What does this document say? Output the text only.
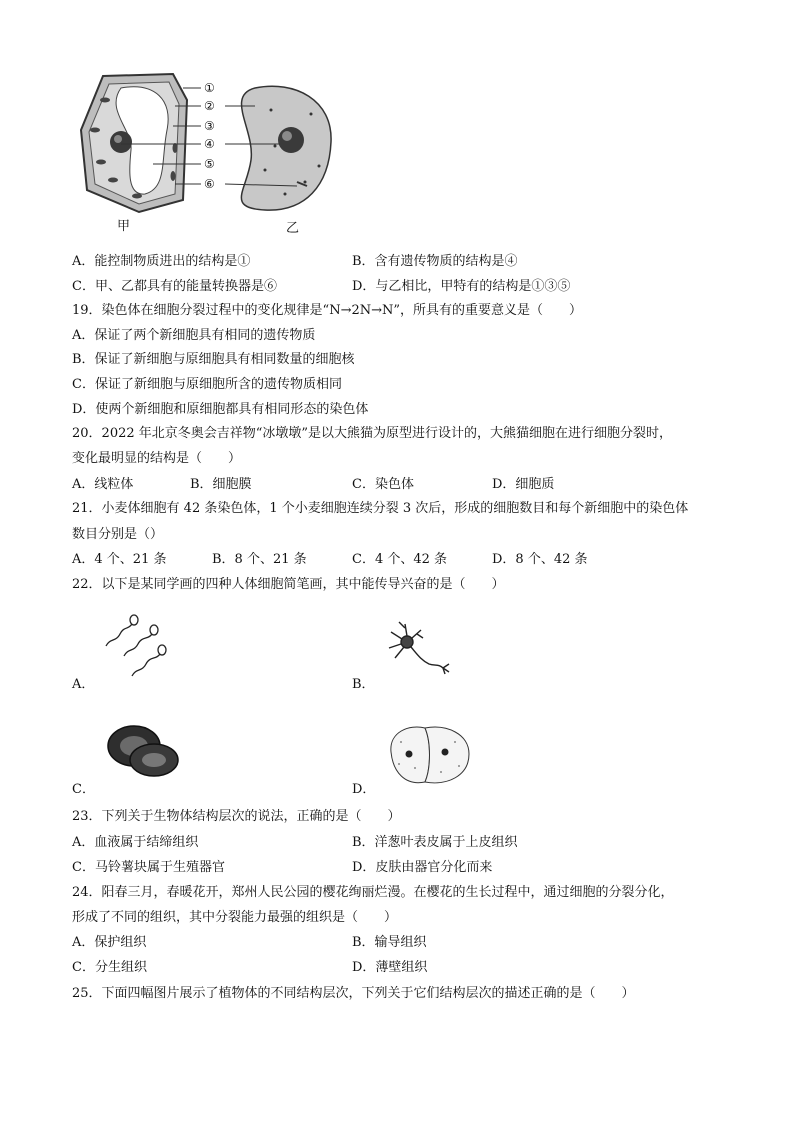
①
②
③
④
⑤
⑥
甲	乙
A．能控制物质进出的结构是①	B．含有遗传物质的结构是④
C．甲、乙都具有的能量转换器是⑥	D．与乙相比，甲特有的结构是①③⑤
19．染色体在细胞分裂过程中的变化规律是“N→2N→N”，所具有的重要意义是（　　）
A．保证了两个新细胞具有相同的遗传物质
B．保证了新细胞与原细胞具有相同数量的细胞核
C．保证了新细胞与原细胞所含的遗传物质相同
D．使两个新细胞和原细胞都具有相同形态的染色体
20．2022 年北京冬奥会吉祥物“冰墩墩”是以大熊猫为原型进行设计的，大熊猫细胞在进行细胞分裂时，
变化最明显的结构是（　　）
A．线粒体	B．细胞膜	C．染色体	D．细胞质
21．小麦体细胞有 42 条染色体，1 个小麦细胞连续分裂 3 次后，形成的细胞数目和每个新细胞中的染色体
数目分别是（）
A．4 个、21 条	B．8 个、21 条	C．4 个、42 条	D．8 个、42 条
22．以下是某同学画的四种人体细胞简笔画，其中能传导兴奋的是（　　）
A．	B．
C．	D．
23．下列关于生物体结构层次的说法，正确的是（　　）
A．血液属于结缔组织	B．洋葱叶表皮属于上皮组织
C．马铃薯块属于生殖器官	D．皮肤由器官分化而来
24．阳春三月，春暖花开，郑州人民公园的樱花绚丽烂漫。在樱花的生长过程中，通过细胞的分裂分化，
形成了不同的组织，其中分裂能力最强的组织是（　　）
A．保护组织	B．输导组织
C．分生组织	D．薄壁组织
25．下面四幅图片展示了植物体的不同结构层次，下列关于它们结构层次的描述正确的是（　　）
